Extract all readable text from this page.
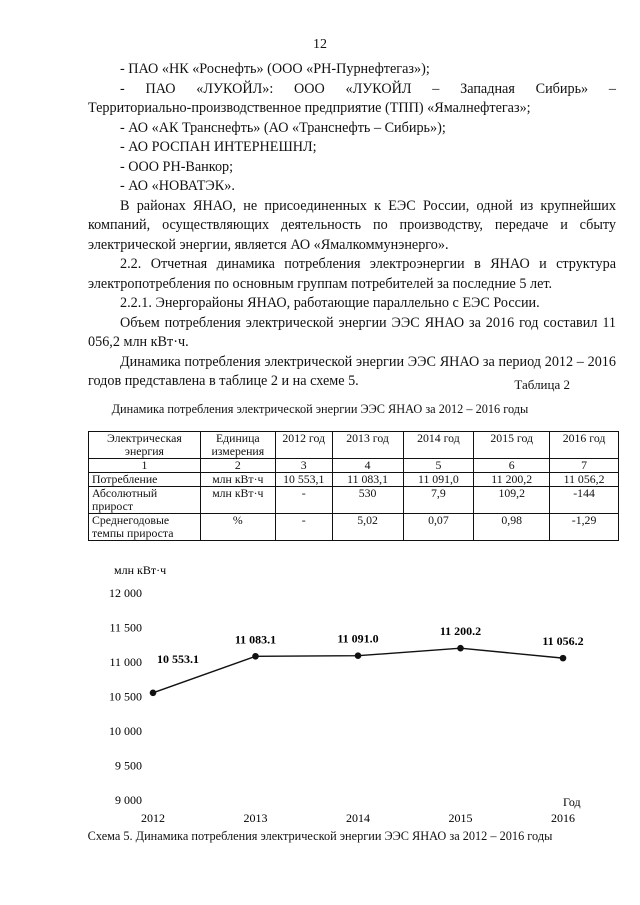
12

- ПАО «НК «Роснефть» (ООО «РН-Пурнефтегаз»);

- ПАО «ЛУКОЙЛ»: ООО «ЛУКОЙЛ – Западная Сибирь» –

Территориально-производственное предприятие (ТПП) «Ямалнефтегаз»;

- АО «АК Транснефть» (АО «Транснефть – Сибирь»);

- АО РОСПАН ИНТЕРНЕШНЛ;

- ООО РН-Ванкор;

- АО «НОВАТЭК».

В районах ЯНАО, не присоединенных к ЕЭС России, одной из крупнейших компаний, осуществляющих деятельность по производству, передаче и сбыту электрической энергии, является АО «Ямалкоммунэнерго».

2.2. Отчетная динамика потребления электроэнергии в ЯНАО и структура электропотребления по основным группам потребителей за последние 5 лет.

2.2.1. Энергорайоны ЯНАО, работающие параллельно с ЕЭС России.

Объем потребления электрической энергии ЭЭС ЯНАО за 2016 год составил 11 056,2 млн кВт·ч.

Динамика потребления электрической энергии ЭЭС ЯНАО за период 2012 – 2016 годов представлена в таблице 2 и на схеме 5.	Таблица 2
Динамика потребления электрической энергии ЭЭС ЯНАО за 2012 – 2016 годы
Электрическая энергия	Единица измерения	2012 год	2013 год	2014 год	2015 год	2016 год
1	2	3	4	5	6	7
Потребление	млн кВт·ч	10 553,1	11 083,1	11 091,0	11 200,2	11 056,2
Абсолютный прирост	млн кВт·ч	-	530	7,9	109,2	-144
Среднегодовые темпы прироста	%	-	5,02	0,07	0,98	-1,29
млн кВт·ч
Год
9 000
9 500
10 000
10 500
11 000
11 500
12 000
2012	2013	2014	2015	2016
10 553.1
11 083.1	11 091.0
11 200.2
11 056.2
Схема 5. Динамика потребления электрической энергии ЭЭС ЯНАО за 2012 – 2016 годы
